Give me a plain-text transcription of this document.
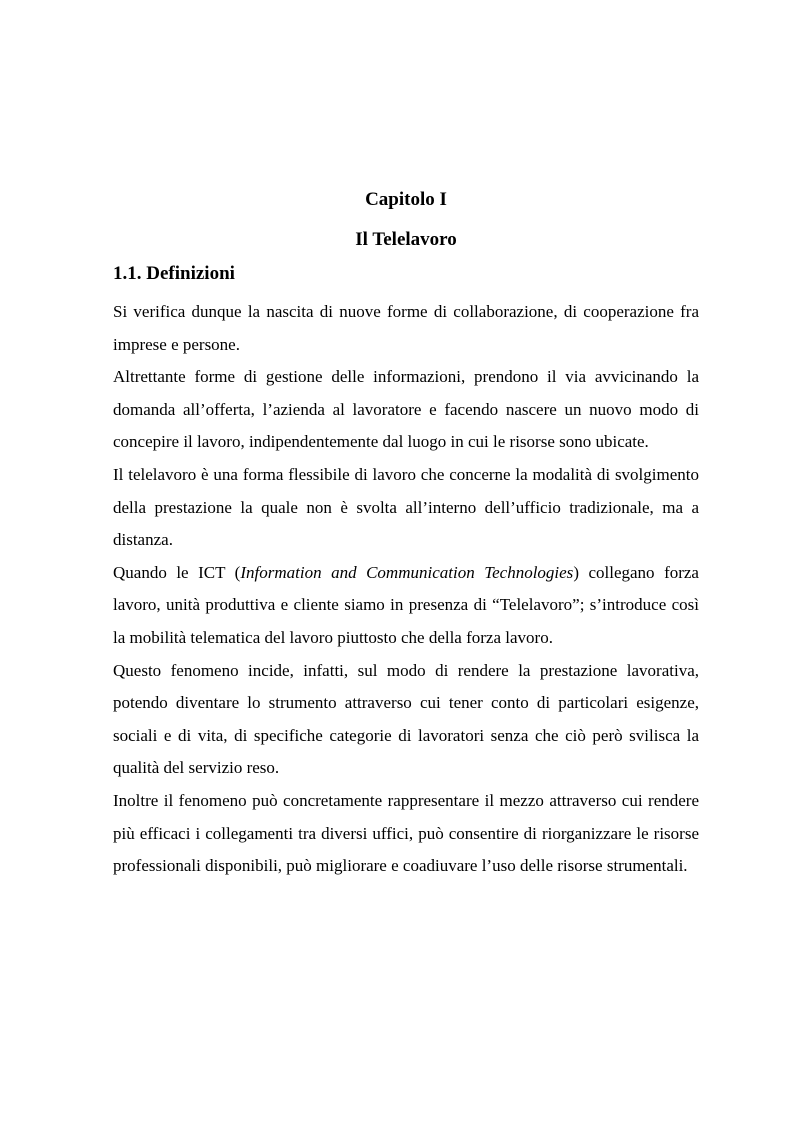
Capitolo I
Il Telelavoro
1.1. Definizioni

Si verifica dunque la nascita di nuove forme di collaborazione, di cooperazione fra imprese e persone.

Altrettante forme di gestione delle informazioni, prendono il via avvicinando la domanda all’offerta, l’azienda al lavoratore e facendo nascere un nuovo modo di concepire il lavoro, indipendentemente dal luogo in cui le risorse sono ubicate.

Il telelavoro è una forma flessibile di lavoro che concerne la modalità di svolgimento della prestazione la quale non è svolta all’interno dell’ufficio tradizionale, ma a distanza.

Quando le ICT (Information and Communication Technologies) collegano forza lavoro, unità produttiva e cliente siamo in presenza di “Telelavoro”; s’introduce così la mobilità telematica del lavoro piuttosto che della forza lavoro.

Questo fenomeno incide, infatti, sul modo di rendere la prestazione lavorativa, potendo diventare lo strumento attraverso cui tener conto di particolari esigenze, sociali e di vita, di specifiche categorie di lavoratori senza che ciò però svilisca la qualità del servizio reso.

Inoltre il fenomeno può concretamente rappresentare il mezzo attraverso cui rendere più efficaci i collegamenti tra diversi uffici, può consentire di riorganizzare le risorse professionali disponibili, può migliorare e coadiuvare l’uso delle risorse strumentali.
